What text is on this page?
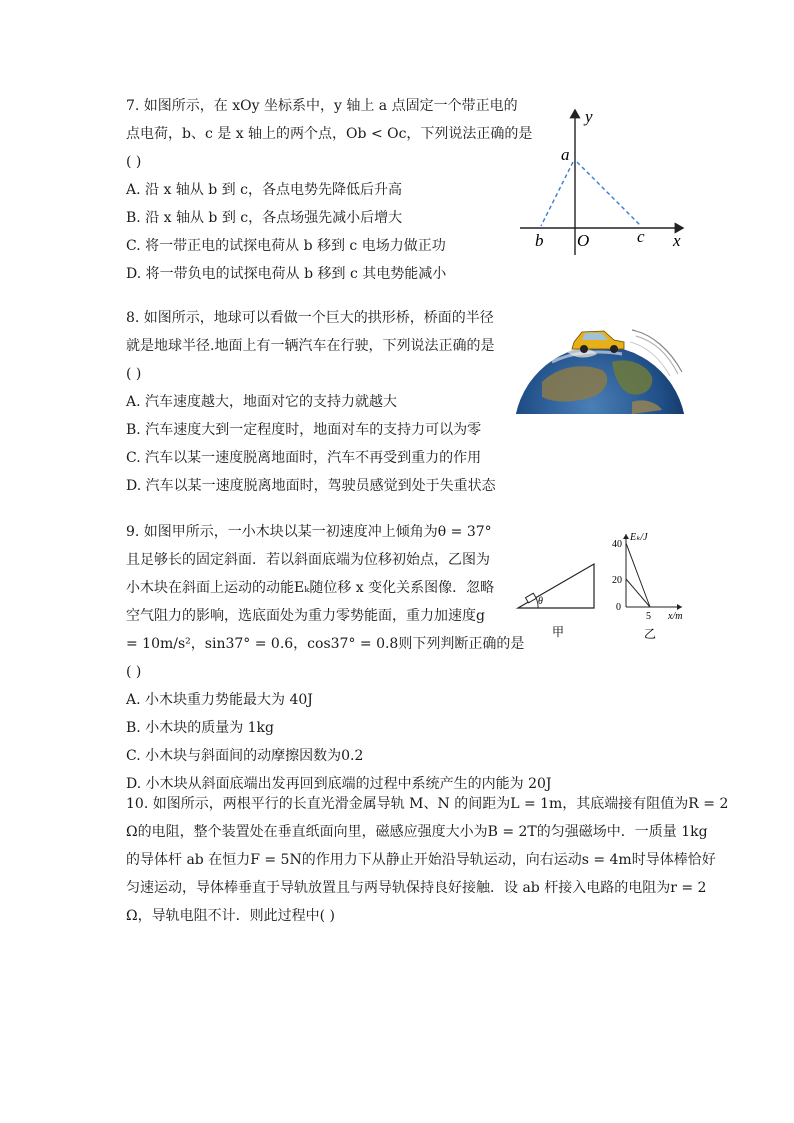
7. 如图所示，在 xOy 坐标系中，y 轴上 a 点固定一个带正电的
点电荷，b、c 是 x 轴上的两个点，Ob < Oc，下列说法正确的是
( )
A. 沿 x 轴从 b 到 c，各点电势先降低后升高
B. 沿 x 轴从 b 到 c，各点场强先减小后增大
C. 将一带正电的试探电荷从 b 移到 c 电场力做正功
D. 将一带负电的试探电荷从 b 移到 c 其电势能减小
y
a
b O	c x
8. 如图所示，地球可以看做一个巨大的拱形桥，桥面的半径
就是地球半径.地面上有一辆汽车在行驶，下列说法正确的是
( )
A. 汽车速度越大，地面对它的支持力就越大
B. 汽车速度大到一定程度时，地面对车的支持力可以为零
C. 汽车以某一速度脱离地面时，汽车不再受到重力的作用
D. 汽车以某一速度脱离地面时，驾驶员感觉到处于失重状态
9. 如图甲所示，一小木块以某一初速度冲上倾角为θ = 37°
且足够长的固定斜面．若以斜面底端为位移初始点，乙图为
小木块在斜面上运动的动能Eₖ随位移 x 变化关系图像．忽略
空气阻力的影响，选底面处为重力零势能面，重力加速度g
= 10m/s²，sin37° = 0.6，cos37° = 0.8则下列判断正确的是
( )
A. 小木块重力势能最大为 40J
B. 小木块的质量为 1kg
C. 小木块与斜面间的动摩擦因数为0.2
D. 小木块从斜面底端出发再回到底端的过程中系统产生的内能为 20J
θ
甲
Eₖ/J
40
20
0
5 x/m
乙
10. 如图所示，两根平行的长直光滑金属导轨 M、N 的间距为L = 1m，其底端接有阻值为R = 2
Ω的电阻，整个装置处在垂直纸面向里，磁感应强度大小为B = 2T的匀强磁场中．一质量 1kg
的导体杆 ab 在恒力F = 5N的作用力下从静止开始沿导轨运动，向右运动s = 4m时导体棒恰好
匀速运动，导体棒垂直于导轨放置且与两导轨保持良好接触．设 ab 杆接入电路的电阻为r = 2
Ω，导轨电阻不计．则此过程中( )
